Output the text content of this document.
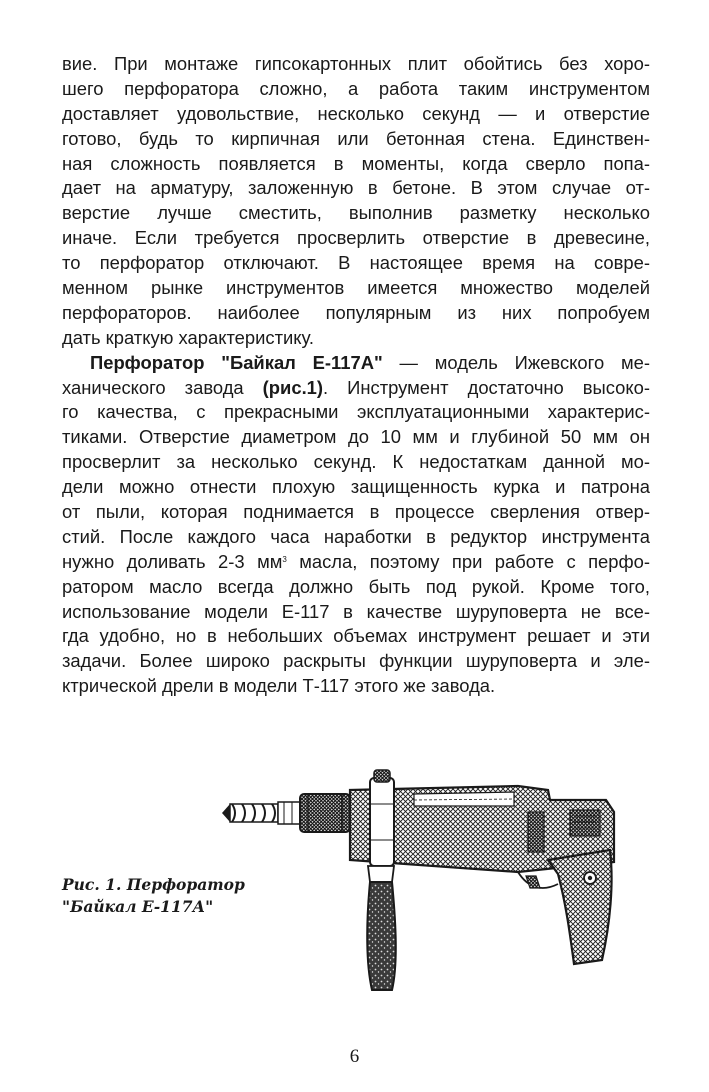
вие. При монтаже гипсокартонных плит обойтись без хоро-
шего перфоратора сложно, а работа таким инструментом
доставляет удовольствие, несколько секунд — и отверстие
готово, будь то кирпичная или бетонная стена. Единствен-
ная сложность появляется в моменты, когда сверло попа-
дает на арматуру, заложенную в бетоне. В этом случае от-
верстие лучше сместить, выполнив разметку несколько
иначе. Если требуется просверлить отверстие в древесине,
то перфоратор отключают. В настоящее время на совре-
менном рынке инструментов имеется множество моделей
перфораторов. наиболее популярным из них попробуем
дать краткую характеристику.
Перфоратор "Байкал Е-117А" — модель Ижевского ме-
ханического завода (рис.1). Инструмент достаточно высоко-
го качества, с прекрасными эксплуатационными характерис-
тиками. Отверстие диаметром до 10 мм и глубиной 50 мм он
просверлит за несколько секунд. К недостаткам данной мо-
дели можно отнести плохую защищенность курка и патрона
от пыли, которая поднимается в процессе сверления отвер-
стий. После каждого часа наработки в редуктор инструмента
нужно доливать 2-3 $мм^3$ масла, поэтому при работе с перфо-
ратором масло всегда должно быть под рукой. Кроме того,
использование модели Е-117 в качестве шуруповерта не все-
гда удобно, но в небольших объемах инструмент решает и эти
задачи. Более широко раскрыты функции шуруповерта и эле-
ктрической дрели в модели Т-117 этого же завода.
Рис. 1. Перфоратор
"Байкал Е-117А"
6
